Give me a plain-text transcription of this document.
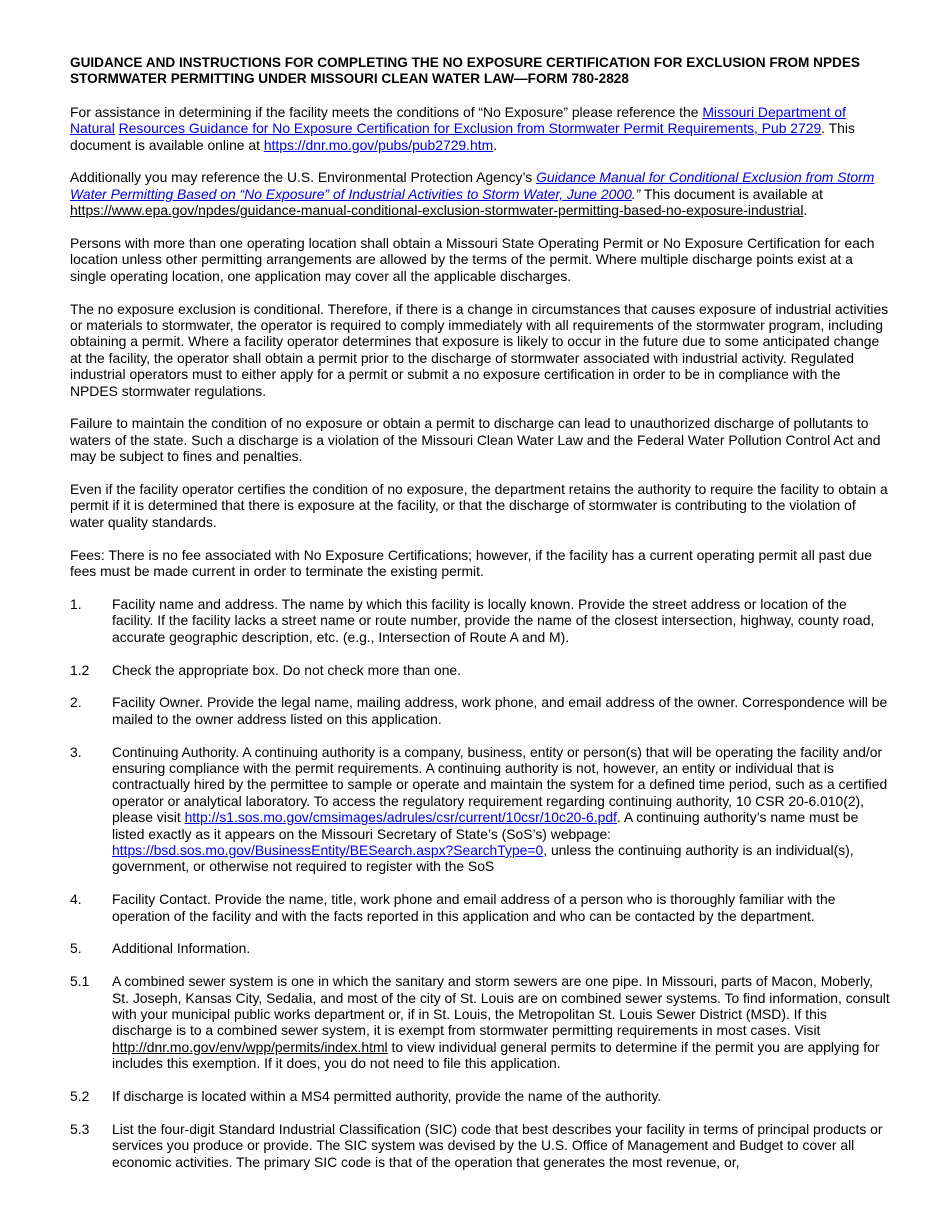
GUIDANCE AND INSTRUCTIONS FOR COMPLETING THE NO EXPOSURE CERTIFICATION FOR EXCLUSION FROM NPDES STORMWATER PERMITTING UNDER MISSOURI CLEAN WATER LAW—FORM 780-2828

For assistance in determining if the facility meets the conditions of “No Exposure” please reference the Missouri Department of Natural Resources Guidance for No Exposure Certification for Exclusion from Stormwater Permit Requirements, Pub 2729. This document is available online at https://dnr.mo.gov/pubs/pub2729.htm.

Additionally you may reference the U.S. Environmental Protection Agency’s Guidance Manual for Conditional Exclusion from Storm Water Permitting Based on “No Exposure” of Industrial Activities to Storm Water, June 2000.” This document is available at https://www.epa.gov/npdes/guidance-manual-conditional-exclusion-stormwater-permitting-based-no-exposure-industrial.

Persons with more than one operating location shall obtain a Missouri State Operating Permit or No Exposure Certification for each location unless other permitting arrangements are allowed by the terms of the permit. Where multiple discharge points exist at a single operating location, one application may cover all the applicable discharges.

The no exposure exclusion is conditional. Therefore, if there is a change in circumstances that causes exposure of industrial activities or materials to stormwater, the operator is required to comply immediately with all requirements of the stormwater program, including obtaining a permit. Where a facility operator determines that exposure is likely to occur in the future due to some anticipated change at the facility, the operator shall obtain a permit prior to the discharge of stormwater associated with industrial activity. Regulated industrial operators must to either apply for a permit or submit a no exposure certification in order to be in compliance with the NPDES stormwater regulations.

Failure to maintain the condition of no exposure or obtain a permit to discharge can lead to unauthorized discharge of pollutants to waters of the state. Such a discharge is a violation of the Missouri Clean Water Law and the Federal Water Pollution Control Act and may be subject to fines and penalties.

Even if the facility operator certifies the condition of no exposure, the department retains the authority to require the facility to obtain a permit if it is determined that there is exposure at the facility, or that the discharge of stormwater is contributing to the violation of water quality standards.

Fees: There is no fee associated with No Exposure Certifications; however, if the facility has a current operating permit all past due fees must be made current in order to terminate the existing permit.

1.	Facility name and address. The name by which this facility is locally known. Provide the street address or location of the facility. If the facility lacks a street name or route number, provide the name of the closest intersection, highway, county road, accurate geographic description, etc. (e.g., Intersection of Route A and M).
1.2	Check the appropriate box. Do not check more than one.
2.	Facility Owner. Provide the legal name, mailing address, work phone, and email address of the owner. Correspondence will be mailed to the owner address listed on this application.
3.	Continuing Authority. A continuing authority is a company, business, entity or person(s) that will be operating the facility and/or ensuring compliance with the permit requirements. A continuing authority is not, however, an entity or individual that is contractually hired by the permittee to sample or operate and maintain the system for a defined time period, such as a certified operator or analytical laboratory. To access the regulatory requirement regarding continuing authority, 10 CSR 20-6.010(2), please visit http://s1.sos.mo.gov/cmsimages/adrules/csr/current/10csr/10c20-6.pdf. A continuing authority’s name must be listed exactly as it appears on the Missouri Secretary of State’s (SoS’s) webpage: https://bsd.sos.mo.gov/BusinessEntity/BESearch.aspx?SearchType=0, unless the continuing authority is an individual(s), government, or otherwise not required to register with the SoS
4.	Facility Contact. Provide the name, title, work phone and email address of a person who is thoroughly familiar with the operation of the facility and with the facts reported in this application and who can be contacted by the department.
5.	Additional Information.
5.1	A combined sewer system is one in which the sanitary and storm sewers are one pipe. In Missouri, parts of Macon, Moberly, St. Joseph, Kansas City, Sedalia, and most of the city of St. Louis are on combined sewer systems. To find information, consult with your municipal public works department or, if in St. Louis, the Metropolitan St. Louis Sewer District (MSD). If this discharge is to a combined sewer system, it is exempt from stormwater permitting requirements in most cases. Visit http://dnr.mo.gov/env/wpp/permits/index.html to view individual general permits to determine if the permit you are applying for includes this exemption. If it does, you do not need to file this application.
5.2	If discharge is located within a MS4 permitted authority, provide the name of the authority.
5.3	List the four-digit Standard Industrial Classification (SIC) code that best describes your facility in terms of principal products or services you produce or provide. The SIC system was devised by the U.S. Office of Management and Budget to cover all economic activities. The primary SIC code is that of the operation that generates the most revenue, or,
